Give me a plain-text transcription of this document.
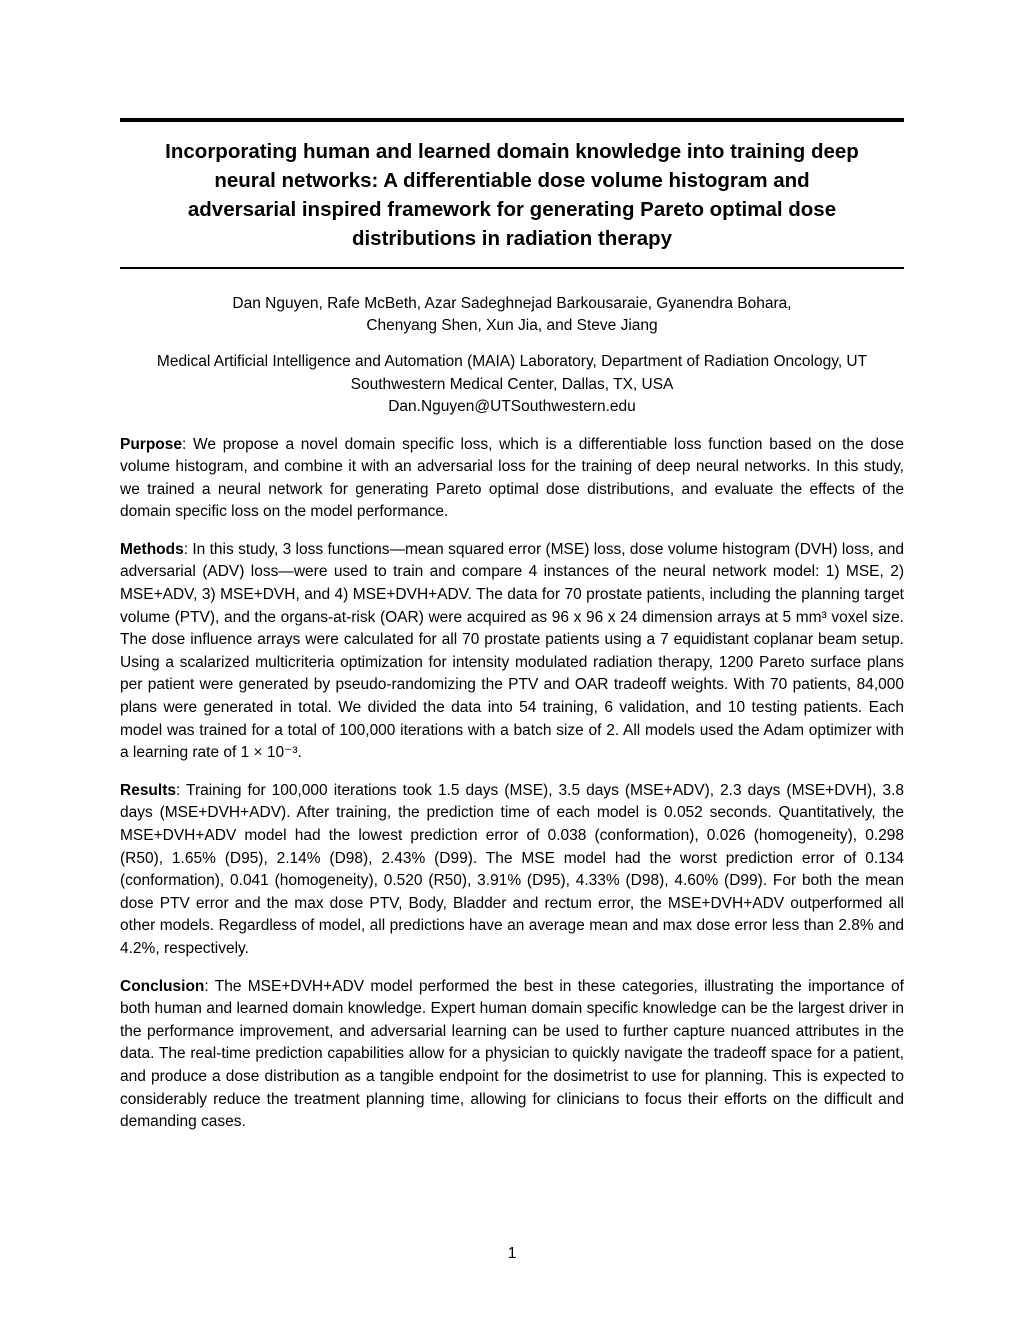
Incorporating human and learned domain knowledge into training deep neural networks: A differentiable dose volume histogram and adversarial inspired framework for generating Pareto optimal dose distributions in radiation therapy

Dan Nguyen, Rafe McBeth, Azar Sadeghnejad Barkousaraie, Gyanendra Bohara, Chenyang Shen, Xun Jia, and Steve Jiang

Medical Artificial Intelligence and Automation (MAIA) Laboratory, Department of Radiation Oncology, UT Southwestern Medical Center, Dallas, TX, USA
Dan.Nguyen@UTSouthwestern.edu

Purpose: We propose a novel domain specific loss, which is a differentiable loss function based on the dose volume histogram, and combine it with an adversarial loss for the training of deep neural networks. In this study, we trained a neural network for generating Pareto optimal dose distributions, and evaluate the effects of the domain specific loss on the model performance.

Methods: In this study, 3 loss functions—mean squared error (MSE) loss, dose volume histogram (DVH) loss, and adversarial (ADV) loss—were used to train and compare 4 instances of the neural network model: 1) MSE, 2) MSE+ADV, 3) MSE+DVH, and 4) MSE+DVH+ADV. The data for 70 prostate patients, including the planning target volume (PTV), and the organs-at-risk (OAR) were acquired as 96 x 96 x 24 dimension arrays at 5 mm³ voxel size. The dose influence arrays were calculated for all 70 prostate patients using a 7 equidistant coplanar beam setup. Using a scalarized multicriteria optimization for intensity modulated radiation therapy, 1200 Pareto surface plans per patient were generated by pseudo-randomizing the PTV and OAR tradeoff weights. With 70 patients, 84,000 plans were generated in total. We divided the data into 54 training, 6 validation, and 10 testing patients. Each model was trained for a total of 100,000 iterations with a batch size of 2. All models used the Adam optimizer with a learning rate of 1 × 10⁻³.

Results: Training for 100,000 iterations took 1.5 days (MSE), 3.5 days (MSE+ADV), 2.3 days (MSE+DVH), 3.8 days (MSE+DVH+ADV). After training, the prediction time of each model is 0.052 seconds. Quantitatively, the MSE+DVH+ADV model had the lowest prediction error of 0.038 (conformation), 0.026 (homogeneity), 0.298 (R50), 1.65% (D95), 2.14% (D98), 2.43% (D99). The MSE model had the worst prediction error of 0.134 (conformation), 0.041 (homogeneity), 0.520 (R50), 3.91% (D95), 4.33% (D98), 4.60% (D99). For both the mean dose PTV error and the max dose PTV, Body, Bladder and rectum error, the MSE+DVH+ADV outperformed all other models. Regardless of model, all predictions have an average mean and max dose error less than 2.8% and 4.2%, respectively.

Conclusion: The MSE+DVH+ADV model performed the best in these categories, illustrating the importance of both human and learned domain knowledge. Expert human domain specific knowledge can be the largest driver in the performance improvement, and adversarial learning can be used to further capture nuanced attributes in the data. The real-time prediction capabilities allow for a physician to quickly navigate the tradeoff space for a patient, and produce a dose distribution as a tangible endpoint for the dosimetrist to use for planning. This is expected to considerably reduce the treatment planning time, allowing for clinicians to focus their efforts on the difficult and demanding cases.

1
